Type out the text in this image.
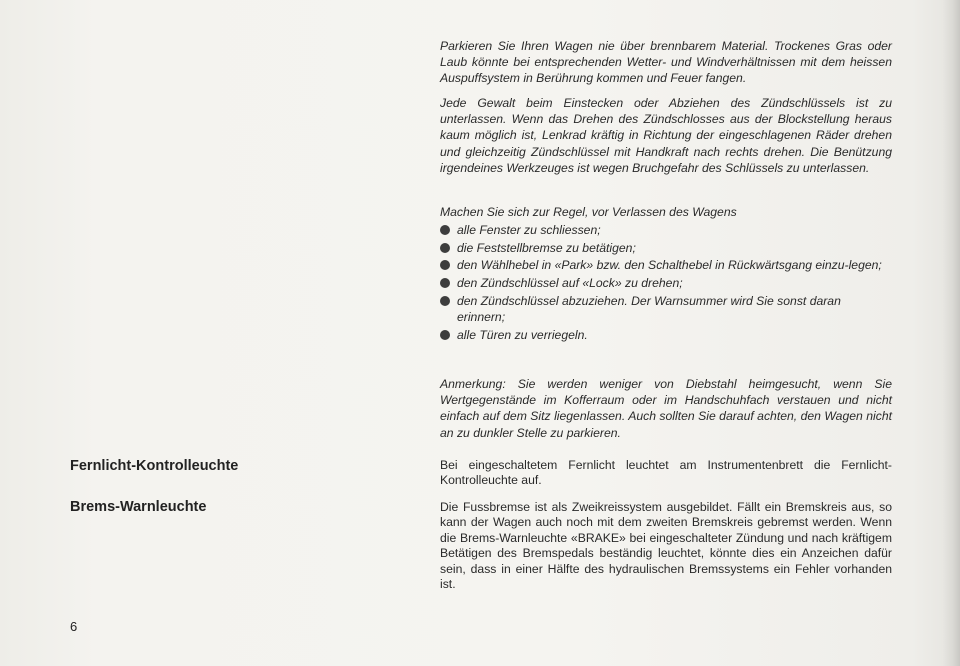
Parkieren Sie Ihren Wagen nie über brennbarem Material. Trockenes Gras oder Laub könnte bei entsprechenden Wetter- und Windverhältnissen mit dem heissen Auspuffsystem in Berührung kommen und Feuer fangen.

Jede Gewalt beim Einstecken oder Abziehen des Zündschlüssels ist zu unterlassen. Wenn das Drehen des Zündschlosses aus der Blockstellung heraus kaum möglich ist, Lenkrad kräftig in Richtung der eingeschlagenen Räder drehen und gleichzeitig Zündschlüssel mit Handkraft nach rechts drehen. Die Benützung irgendeines Werkzeuges ist wegen Bruchgefahr des Schlüssels zu unterlassen.

Machen Sie sich zur Regel, vor Verlassen des Wagens

alle Fenster zu schliessen;
die Feststellbremse zu betätigen;
den Wählhebel in «Park» bzw. den Schalthebel in Rückwärtsgang einzu-legen;
den Zündschlüssel auf «Lock» zu drehen;
den Zündschlüssel abzuziehen. Der Warnsummer wird Sie sonst daran erinnern;
alle Türen zu verriegeln.

Anmerkung: Sie werden weniger von Diebstahl heimgesucht, wenn Sie Wertgegenstände im Kofferraum oder im Handschuhfach verstauen und nicht einfach auf dem Sitz liegenlassen. Auch sollten Sie darauf achten, den Wagen nicht an zu dunkler Stelle zu parkieren.

Fernlicht-Kontrolleuchte	Bei eingeschaltetem Fernlicht leuchtet am Instrumentenbrett die Fernlicht-Kontrolleuchte auf.

Brems-Warnleuchte	Die Fussbremse ist als Zweikreissystem ausgebildet. Fällt ein Bremskreis aus, so kann der Wagen auch noch mit dem zweiten Bremskreis gebremst werden. Wenn die Brems-Warnleuchte «BRAKE» bei eingeschalteter Zündung und nach kräftigem Betätigen des Bremspedals beständig leuchtet, könnte dies ein Anzeichen dafür sein, dass in einer Hälfte des hydraulischen Bremssystems ein Fehler vorhanden ist.

6
